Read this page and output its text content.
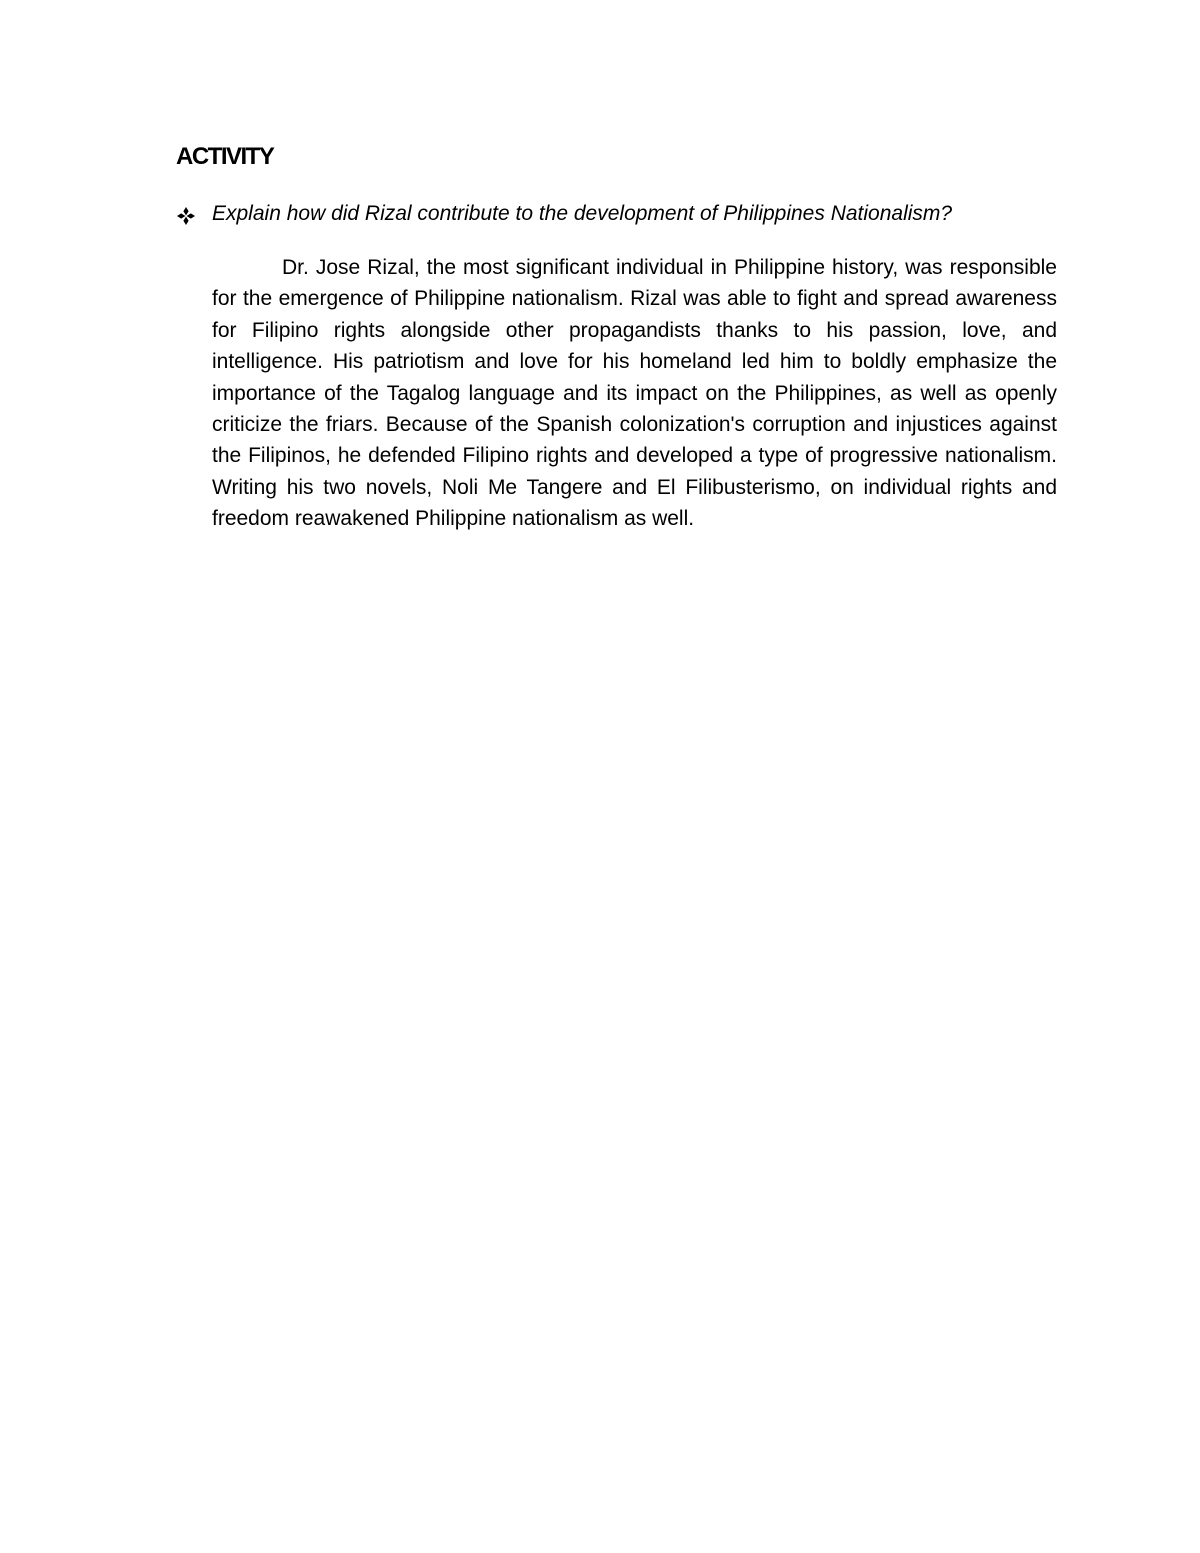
ACTIVITY

Explain how did Rizal contribute to the development of Philippines Nationalism?

Dr. Jose Rizal, the most significant individual in Philippine history, was responsible for the emergence of Philippine nationalism. Rizal was able to fight and spread awareness for Filipino rights alongside other propagandists thanks to his passion, love, and intelligence. His patriotism and love for his homeland led him to boldly emphasize the importance of the Tagalog language and its impact on the Philippines, as well as openly criticize the friars. Because of the Spanish colonization's corruption and injustices against the Filipinos, he defended Filipino rights and developed a type of progressive nationalism. Writing his two novels, Noli Me Tangere and El Filibusterismo, on individual rights and freedom reawakened Philippine nationalism as well.
